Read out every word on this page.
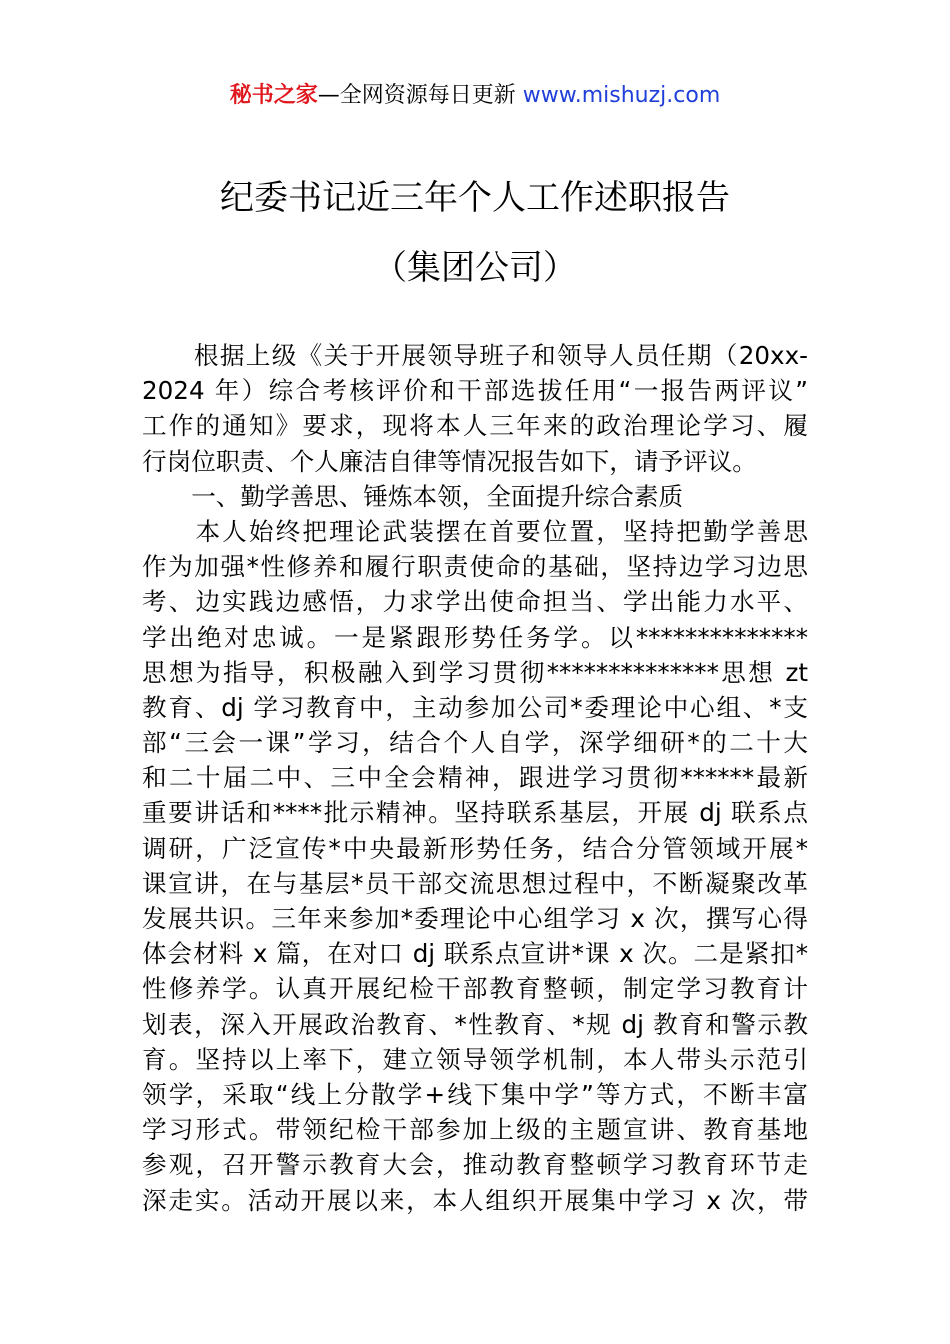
秘书之家—全网资源每日更新 www.mishuzj.com
纪委书记近三年个人工作述职报告
（集团公司）
　　根据上级《关于开展领导班子和领导人员任期（20xx-
2024 年）综合考核评价和干部选拔任用“一报告两评议”
工作的通知》要求，现将本人三年来的政治理论学习、履
行岗位职责、个人廉洁自律等情况报告如下，请予评议。
　　一、勤学善思、锤炼本领，全面提升综合素质
　　本人始终把理论武装摆在首要位置，坚持把勤学善思
作为加强*性修养和履行职责使命的基础，坚持边学习边思
考、边实践边感悟，力求学出使命担当、学出能力水平、
学出绝对忠诚。一是紧跟形势任务学。以**************
思想为指导，积极融入到学习贯彻**************思想 zt
教育、dj 学习教育中，主动参加公司*委理论中心组、*支
部“三会一课”学习，结合个人自学，深学细研*的二十大
和二十届二中、三中全会精神，跟进学习贯彻******最新
重要讲话和****批示精神。坚持联系基层，开展 dj 联系点
调研，广泛宣传*中央最新形势任务，结合分管领域开展*
课宣讲，在与基层*员干部交流思想过程中，不断凝聚改革
发展共识。三年来参加*委理论中心组学习 x 次，撰写心得
体会材料 x 篇，在对口 dj 联系点宣讲*课 x 次。二是紧扣*
性修养学。认真开展纪检干部教育整顿，制定学习教育计
划表，深入开展政治教育、*性教育、*规 dj 教育和警示教
育。坚持以上率下，建立领导领学机制，本人带头示范引
领学，采取“线上分散学+线下集中学”等方式，不断丰富
学习形式。带领纪检干部参加上级的主题宣讲、教育基地
参观，召开警示教育大会，推动教育整顿学习教育环节走
深走实。活动开展以来，本人组织开展集中学习 x 次，带
